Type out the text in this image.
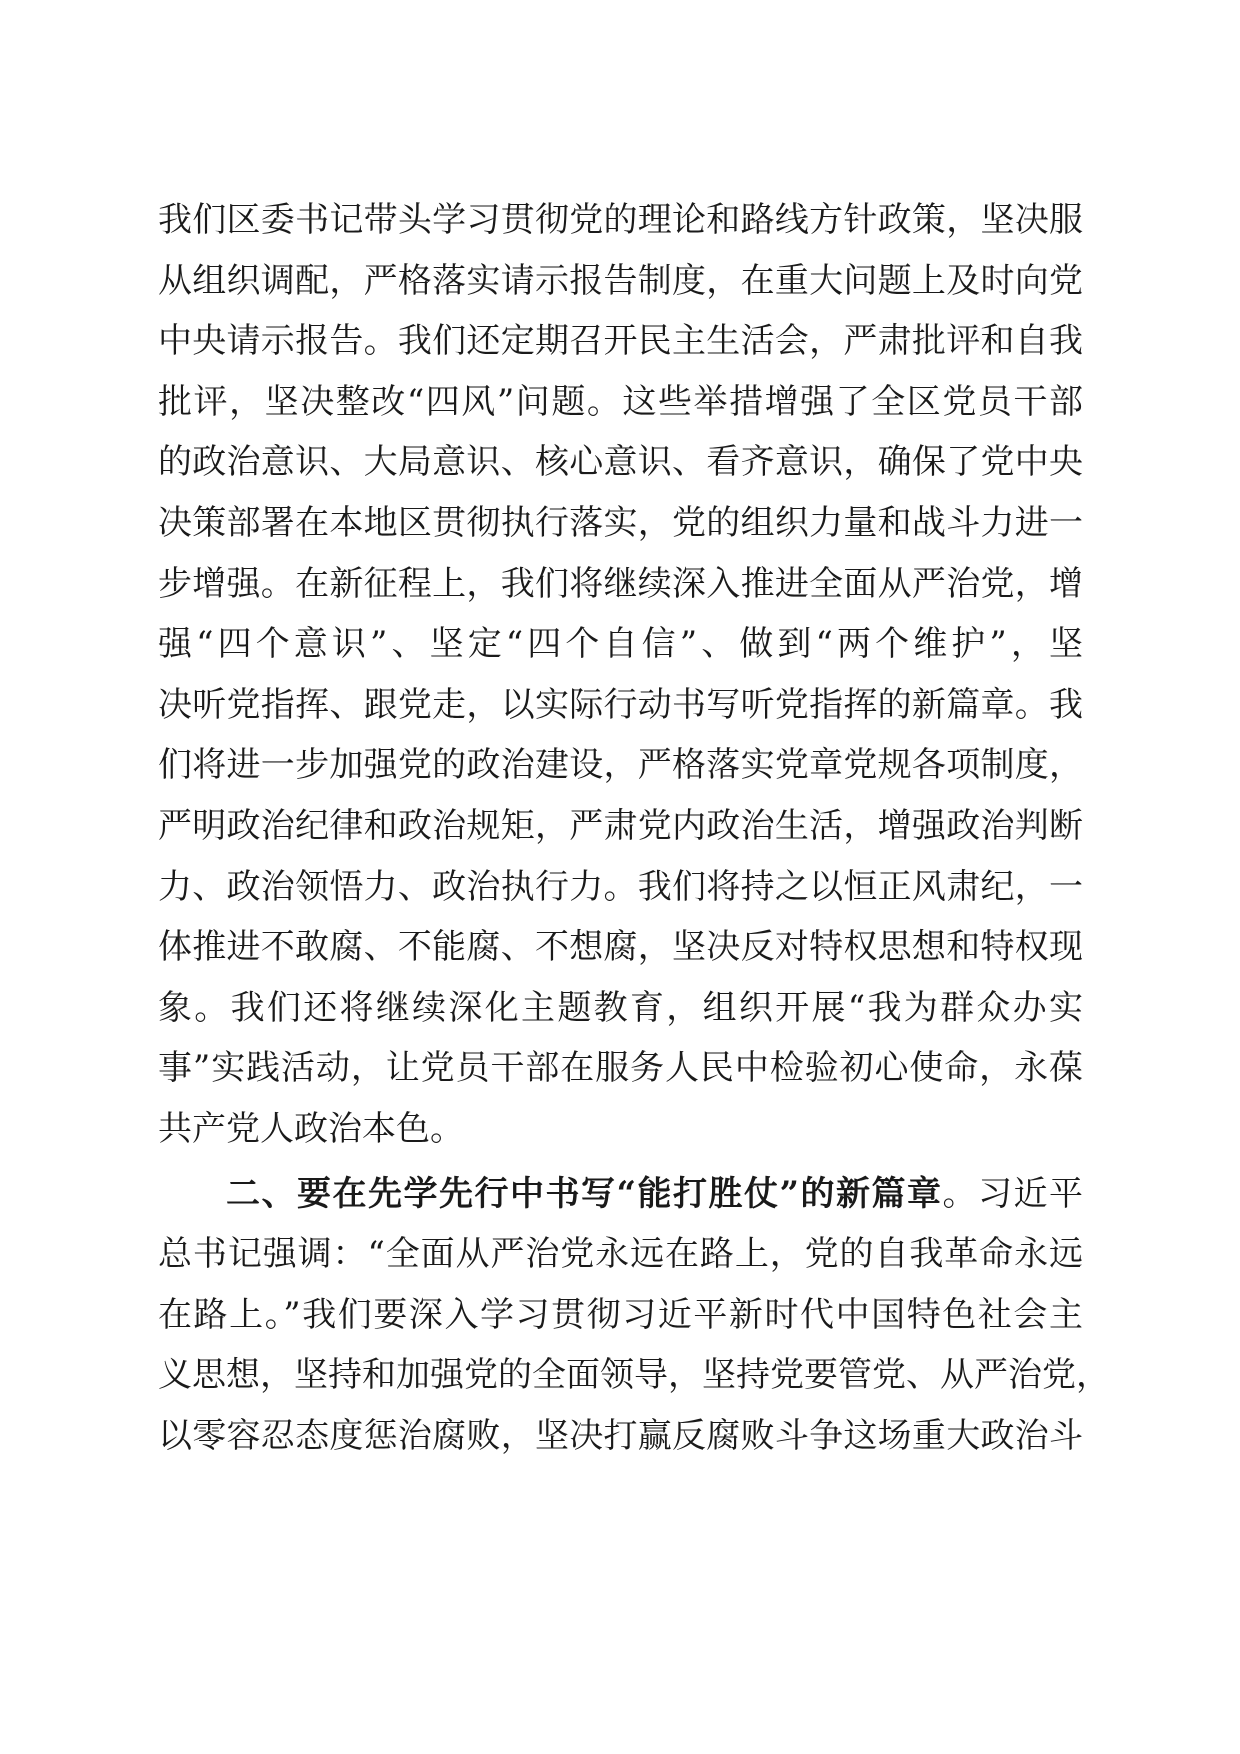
我们区委书记带头学习贯彻党的理论和路线方针政策，坚决服
从组织调配，严格落实请示报告制度，在重大问题上及时向党
中央请示报告。我们还定期召开民主生活会，严肃批评和自我
批评，坚决整改“四风”问题。这些举措增强了全区党员干部
的政治意识、大局意识、核心意识、看齐意识，确保了党中央
决策部署在本地区贯彻执行落实，党的组织力量和战斗力进一
步增强。在新征程上，我们将继续深入推进全面从严治党，增
强“四个意识”、坚定“四个自信”、做到“两个维护”，坚
决听党指挥、跟党走，以实际行动书写听党指挥的新篇章。我
们将进一步加强党的政治建设，严格落实党章党规各项制度，
严明政治纪律和政治规矩，严肃党内政治生活，增强政治判断
力、政治领悟力、政治执行力。我们将持之以恒正风肃纪，一
体推进不敢腐、不能腐、不想腐，坚决反对特权思想和特权现
象。我们还将继续深化主题教育，组织开展“我为群众办实
事”实践活动，让党员干部在服务人民中检验初心使命，永葆
共产党人政治本色。
二、要在先学先行中书写“能打胜仗”的新篇章。习近平
总书记强调：“全面从严治党永远在路上，党的自我革命永远
在路上。”我们要深入学习贯彻习近平新时代中国特色社会主
义思想，坚持和加强党的全面领导，坚持党要管党、从严治党，
以零容忍态度惩治腐败，坚决打赢反腐败斗争这场重大政治斗
